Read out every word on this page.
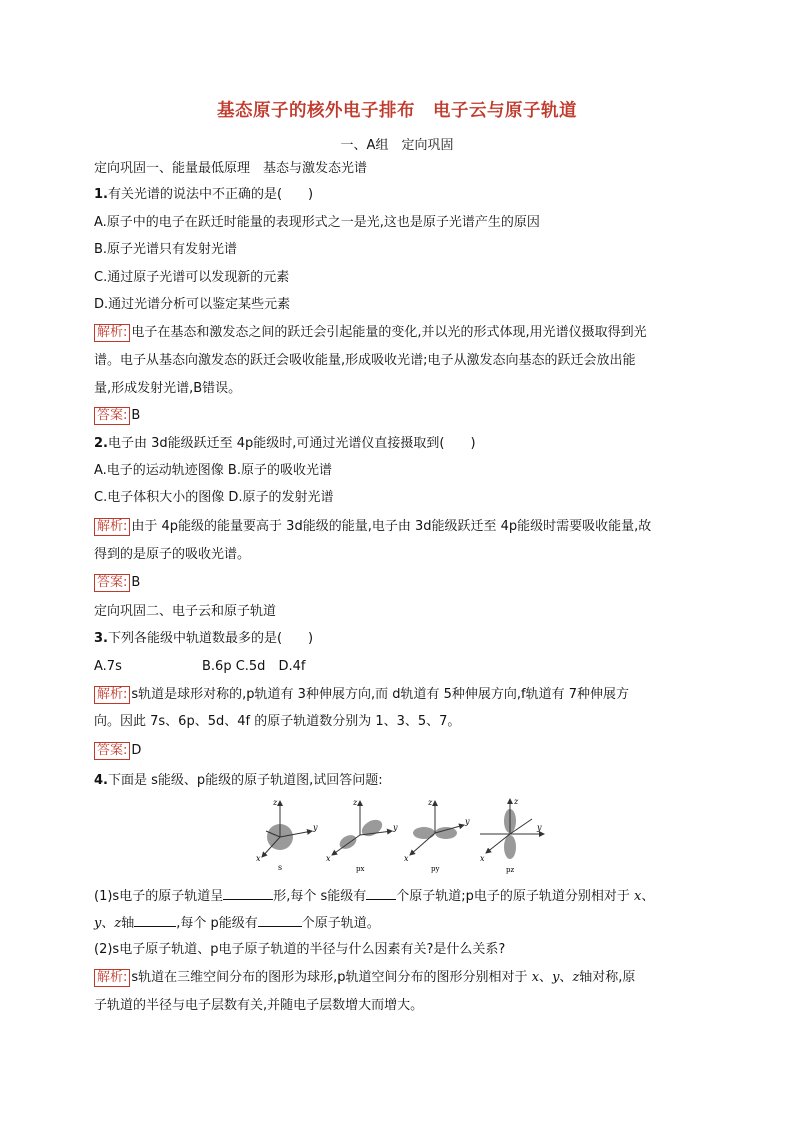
基态原子的核外电子排布　电子云与原子轨道
一、A组　定向巩固
定向巩固一、能量最低原理　基态与激发态光谱
1.有关光谱的说法中不正确的是(　　)
A.原子中的电子在跃迁时能量的表现形式之一是光,这也是原子光谱产生的原因
B.原子光谱只有发射光谱
C.通过原子光谱可以发现新的元素
D.通过光谱分析可以鉴定某些元素
解析: 电子在基态和激发态之间的跃迁会引起能量的变化,并以光的形式体现,用光谱仪摄取得到光
谱。电子从基态向激发态的跃迁会吸收能量,形成吸收光谱;电子从激发态向基态的跃迁会放出能
量,形成发射光谱,B错误。
答案: B
2.电子由 3d能级跃迁至 4p能级时,可通过光谱仪直接摄取到(　　)
A.电子的运动轨迹图像 B.原子的吸收光谱
C.电子体积大小的图像 D.原子的发射光谱
解析: 由于 4p能级的能量要高于 3d能级的能量,电子由 3d能级跃迁至 4p能级时需要吸收能量,故
得到的是原子的吸收光谱。
答案: B
定向巩固二、电子云和原子轨道
3.下列各能级中轨道数最多的是(　　)
A.7s	B.6p C.5d　D.4f
解析: s轨道是球形对称的,p轨道有 3种伸展方向,而 d轨道有 5种伸展方向,f轨道有 7种伸展方
向。因此 7s、6p、5d、4f 的原子轨道数分别为 1、3、5、7。
答案: D
4.下面是 s能级、p能级的原子轨道图,试回答问题:
z
y
x
s
z
y
x
px
z
y
x
py
z
y
x
pz
(1)s电子的原子轨道呈	形,每个 s能级有 个原子轨道;p电子的原子轨道分别相对于 x、
y、z轴	,每个 p能级有	个原子轨道。
(2)s电子原子轨道、p电子原子轨道的半径与什么因素有关?是什么关系?
解析: s轨道在三维空间分布的图形为球形,p轨道空间分布的图形分别相对于 x、y、z轴对称,原
子轨道的半径与电子层数有关,并随电子层数增大而增大。
